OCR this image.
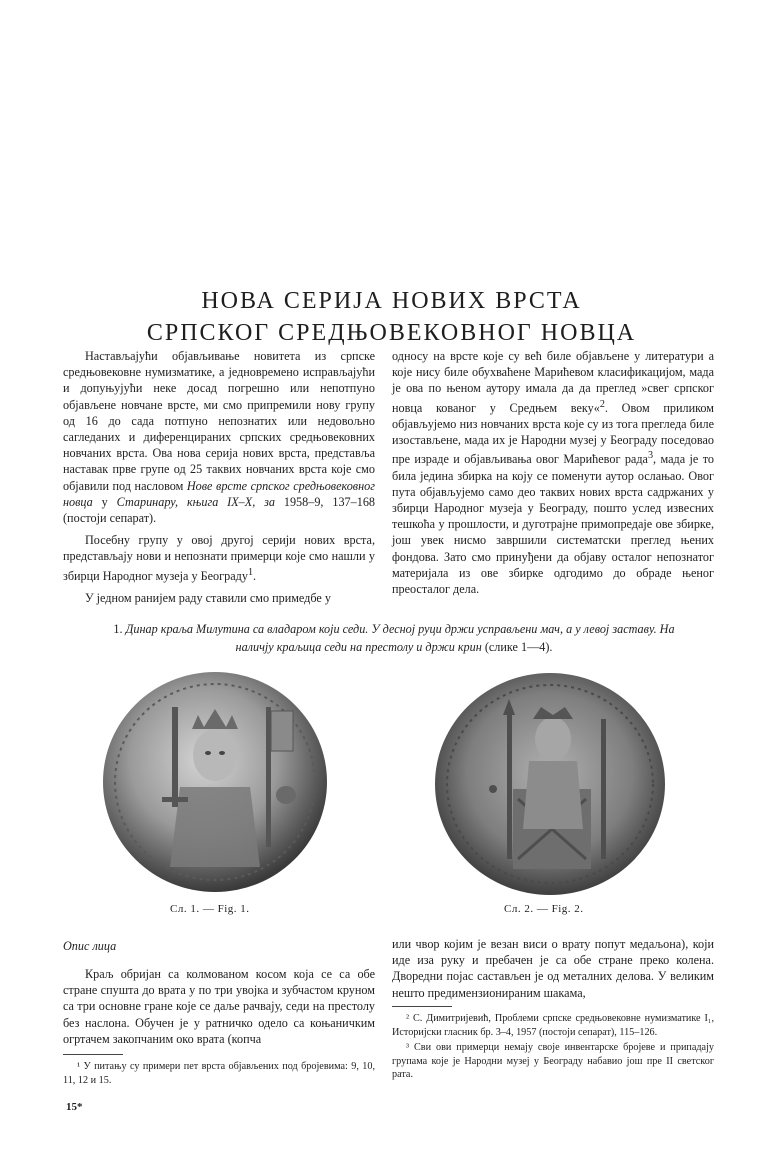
НОВА СЕРИЈА НОВИХ ВРСТА
СРПСКОГ СРЕДЊОВЕКОВНОГ НОВЦА

Настављајући објављивање новитета из српске средњовековне нумизматике, а једновремено исправљајући и допуњујући неке досад погрешно или непотпуно објављене новчане врсте, ми смо припремили нову групу од 16 до сада потпуно непознатих или недовољно сагледаних и диференцираних српских средњовековних новчаних врста. Ова нова серија нових врста, представља наставак прве групе од 25 таквих новчаних врста које смо објавили под насловом Нове врсте српског средњовековног новца у Старинару, књига IX–X, за 1958–9, 137–168 (постоји сепарат).

Посебну групу у овој другој серији нових врста, представљају нови и непознати примерци које смо нашли у збирци Народног музеја у Београду$^1$.

У једном ранијем раду ставили смо примедбе у

односу на врсте које су већ биле објављене у литератури а које нису биле обухваћене Марићевом класификацијом, мада је ова по њеном аутору имала да да преглед »свег српског новца кованог у Средњем веку«$^2$. Овом приликом објављујемо низ новчаних врста које су из тога прегледа биле изостављене, мада их је Народни музеј у Београду поседовао пре израде и објављивања овог Марићевог рада$^3$, мада је то била једина збирка на коју се поменути аутор ослањао. Овог пута објављујемо само део таквих нових врста садржаних у збирци Народног музеја у Београду, пошто услед извесних тешкоћа у прошлости, и дуготрајне примопредаје ове збирке, још увек нисмо завршили систематски преглед њених фондова. Зато смо принуђени да објаву осталог непознатог материјала из ове збирке одгодимо до обраде њеног преосталог дела.

1. Динар краља Милутина са владаром који седи. У десној руци држи усправљени мач, а у левој заставу. На наличју краљица седи на престолу и држи крин (слике 1—4).
Сл. 1. — Fig. 1.	Сл. 2. — Fig. 2.
Опис лица

Краљ обријан са колмованом косом која се са обе стране спушта до врата у по три увојка и зубчастом круном са три основне гране које се даље рачвају, седи на престолу без наслона. Обучен је у ратничко одело са коњаничким огртачем закопчаним око врата (копча

или чвор којим је везан виси о врату попут медаљона), који иде иза руку и пребачен је са обе стране преко колена. Дворедни појас састављен је од металних делова. У великим нешто предимензионираним шакама,

¹ У питању су примери пет врста објављених под бројевима: 9, 10, 11, 12 и 15.

² С. Димитријевић, Проблеми српске средњовековне нумизматике I₁, Историјски гласник бр. 3–4, 1957 (постоји сепарат), 115–126.

³ Сви ови примерци немају своје инвентарске бројеве и припадају групама које је Народни музеј у Београду набавио још пре II светског рата.

15*
